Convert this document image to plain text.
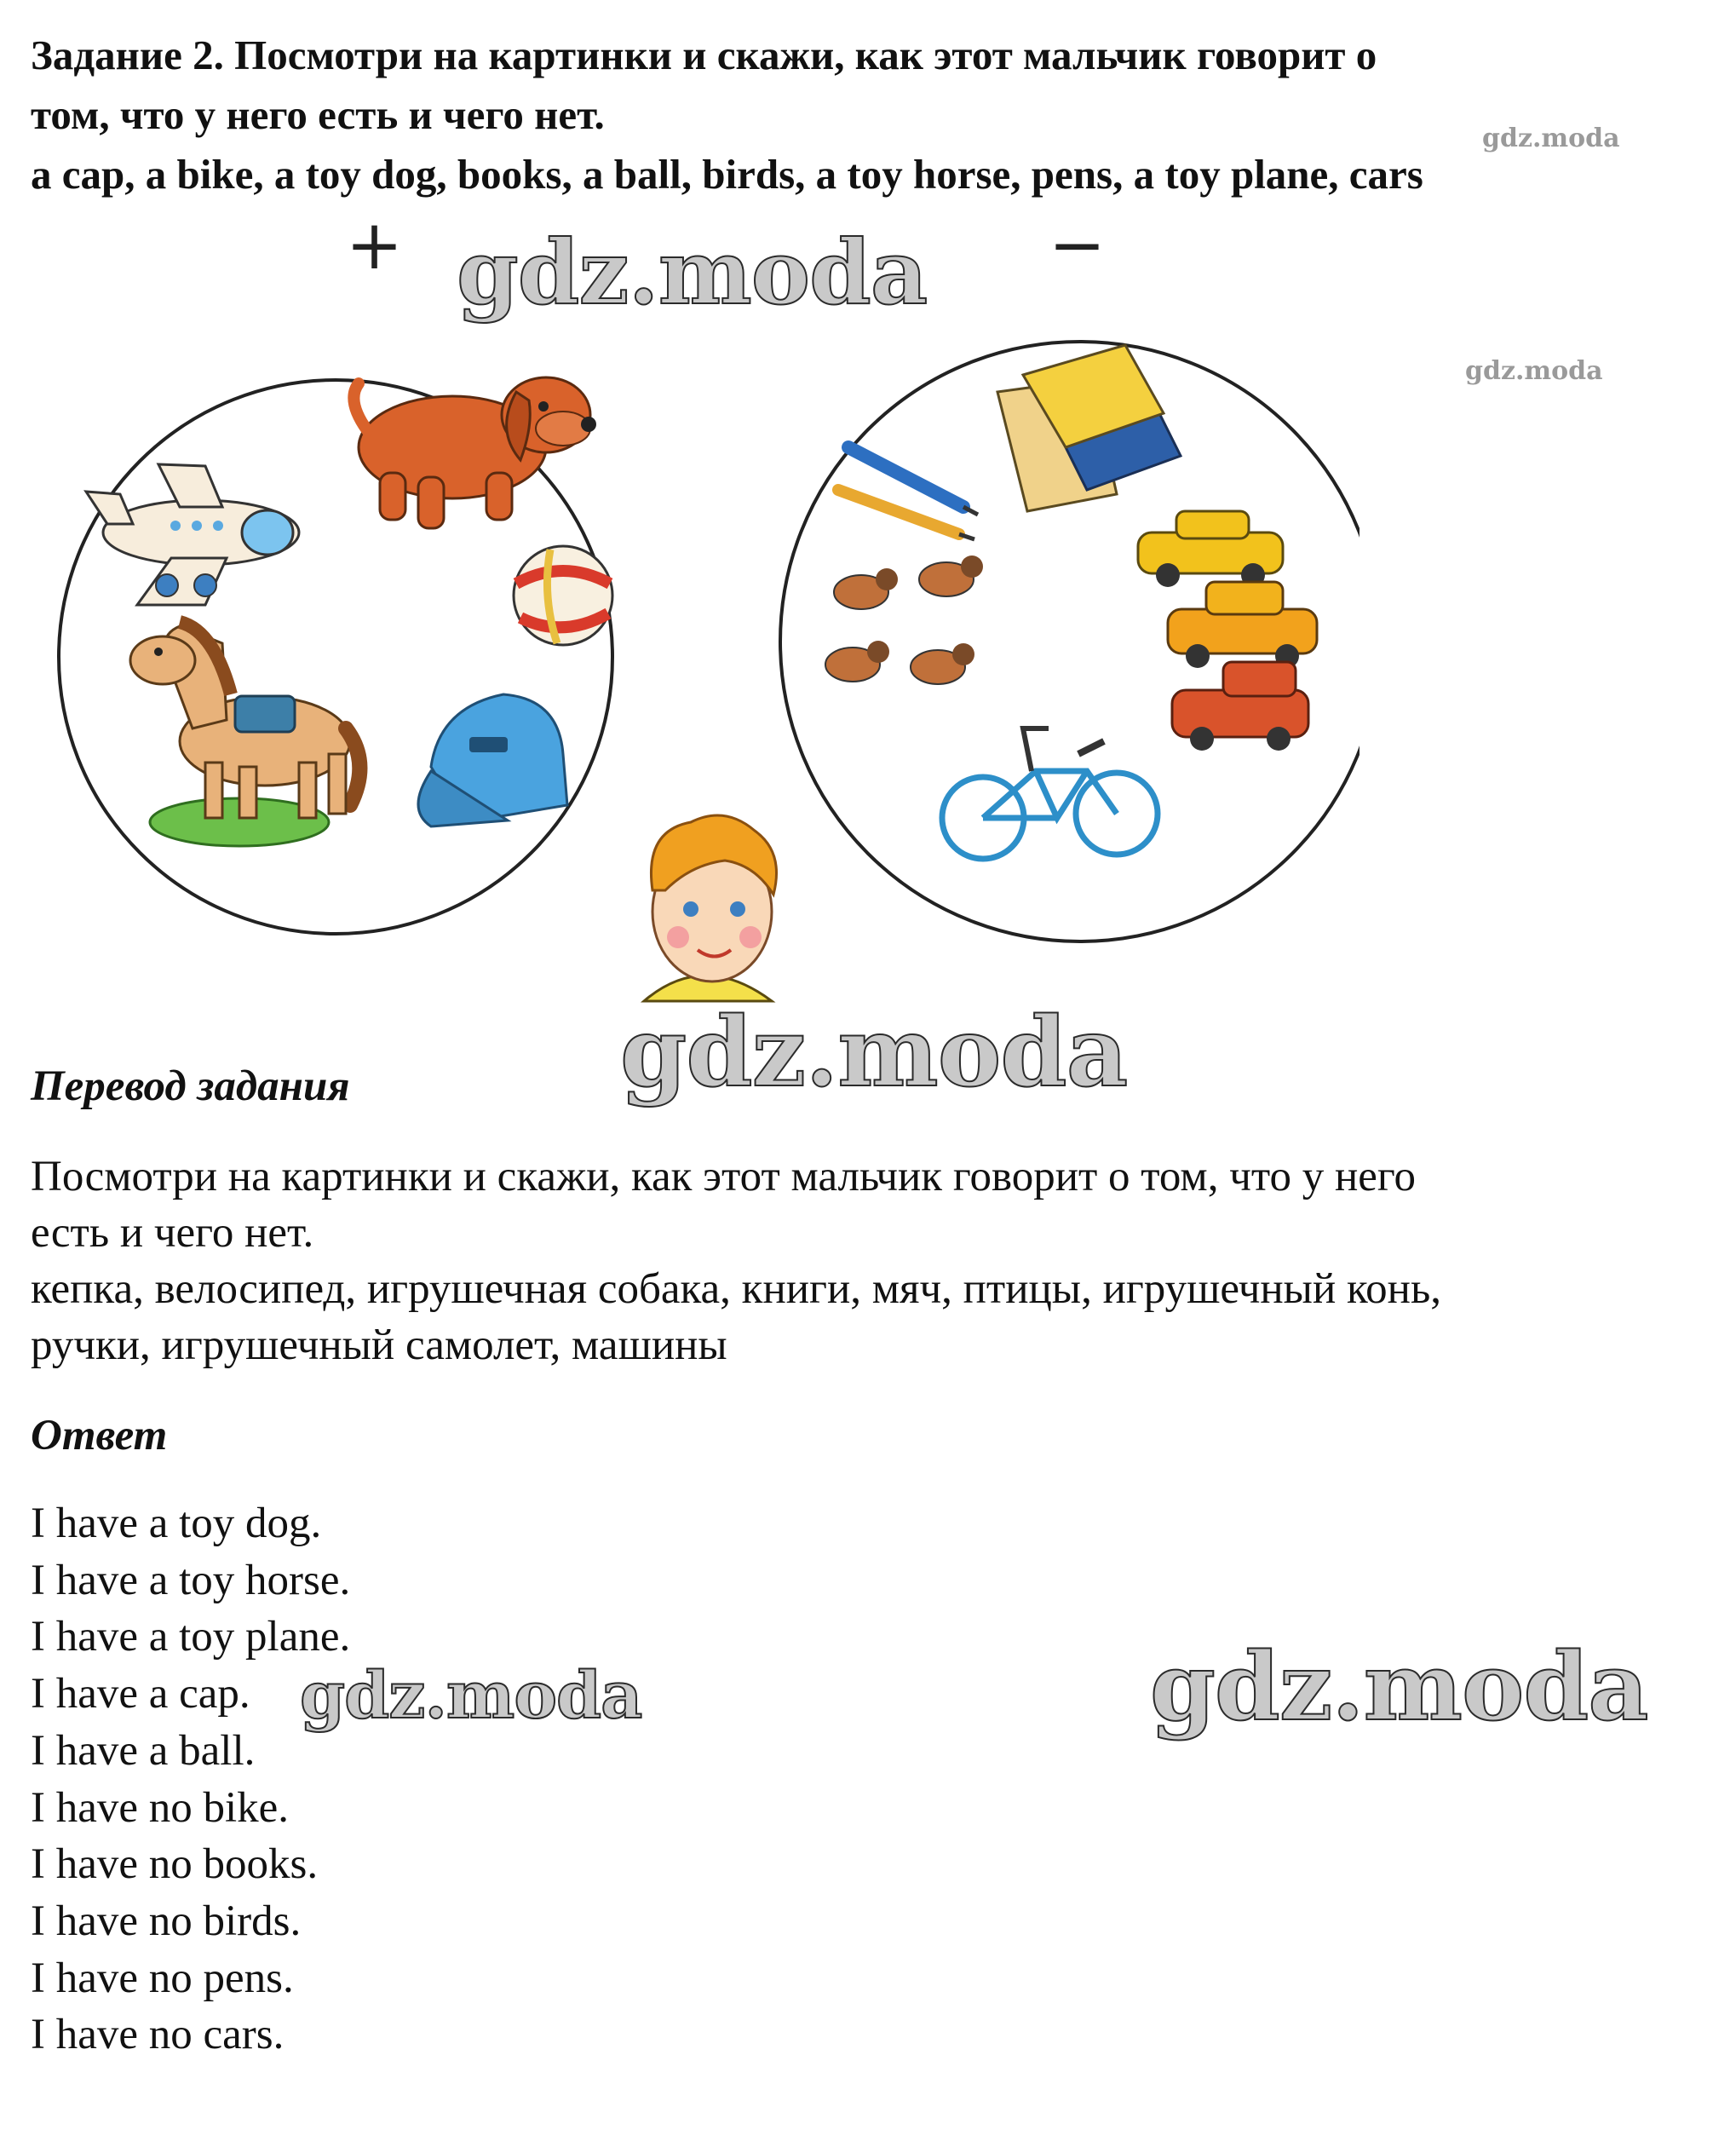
Задание 2. Посмотри на картинки и скажи, как этот мальчик говорит о
том, что у него есть и чего нет.
a cap, a bike, a toy dog, books, a ball, birds, a toy horse, pens, a toy plane, cars
+	−
gdz.moda
gdz.moda
gdz.moda	gdz.moda
gdz.moda
gdz.moda
Перевод задания

Посмотри на картинки и скажи, как этот мальчик говорит о том, что у него
есть и чего нет.
кепка, велосипед, игрушечная собака, книги, мяч, птицы, игрушечный конь,
ручки, игрушечный самолет, машины

Ответ
I have a toy dog.
I have a toy horse.
I have a toy plane.
I have a cap.
I have a ball.
I have no bike.
I have no books.
I have no birds.
I have no pens.
I have no cars.
